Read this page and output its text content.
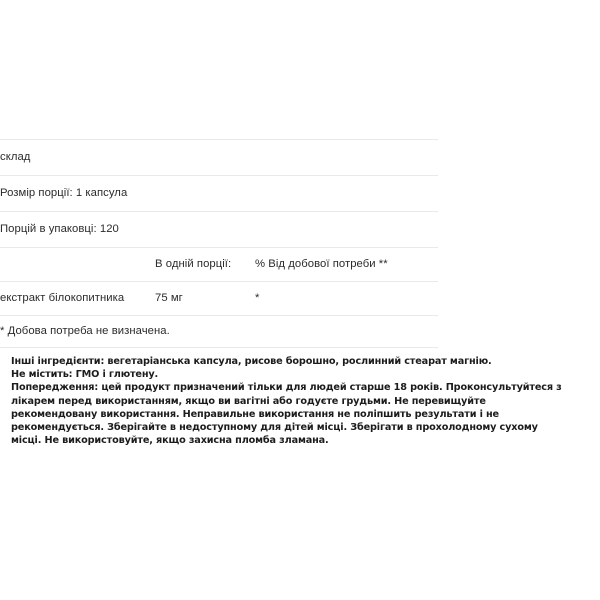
склад		
Розмір порції: 1 капсула		
Порцій в упаковці: 120		
	В одній порції:	% Від добової потреби **
екстракт білокопитника	75 мг	*
* Добова потреба не визначена.		

Інші інгредієнти: вегетаріанська капсула, рисове борошно, рослинний стеарат магнію.

Не містить: ГМО і глютену.

Попередження: цей продукт призначений тільки для людей старше 18 років. Проконсультуйтеся з лікарем перед використанням, якщо ви вагітні або годуєте грудьми. Не перевищуйте рекомендовану використання. Неправильне використання не поліпшить результати і не рекомендується. Зберігайте в недоступному для дітей місці. Зберігати в прохолодному сухому місці. Не використовуйте, якщо захисна пломба зламана.
